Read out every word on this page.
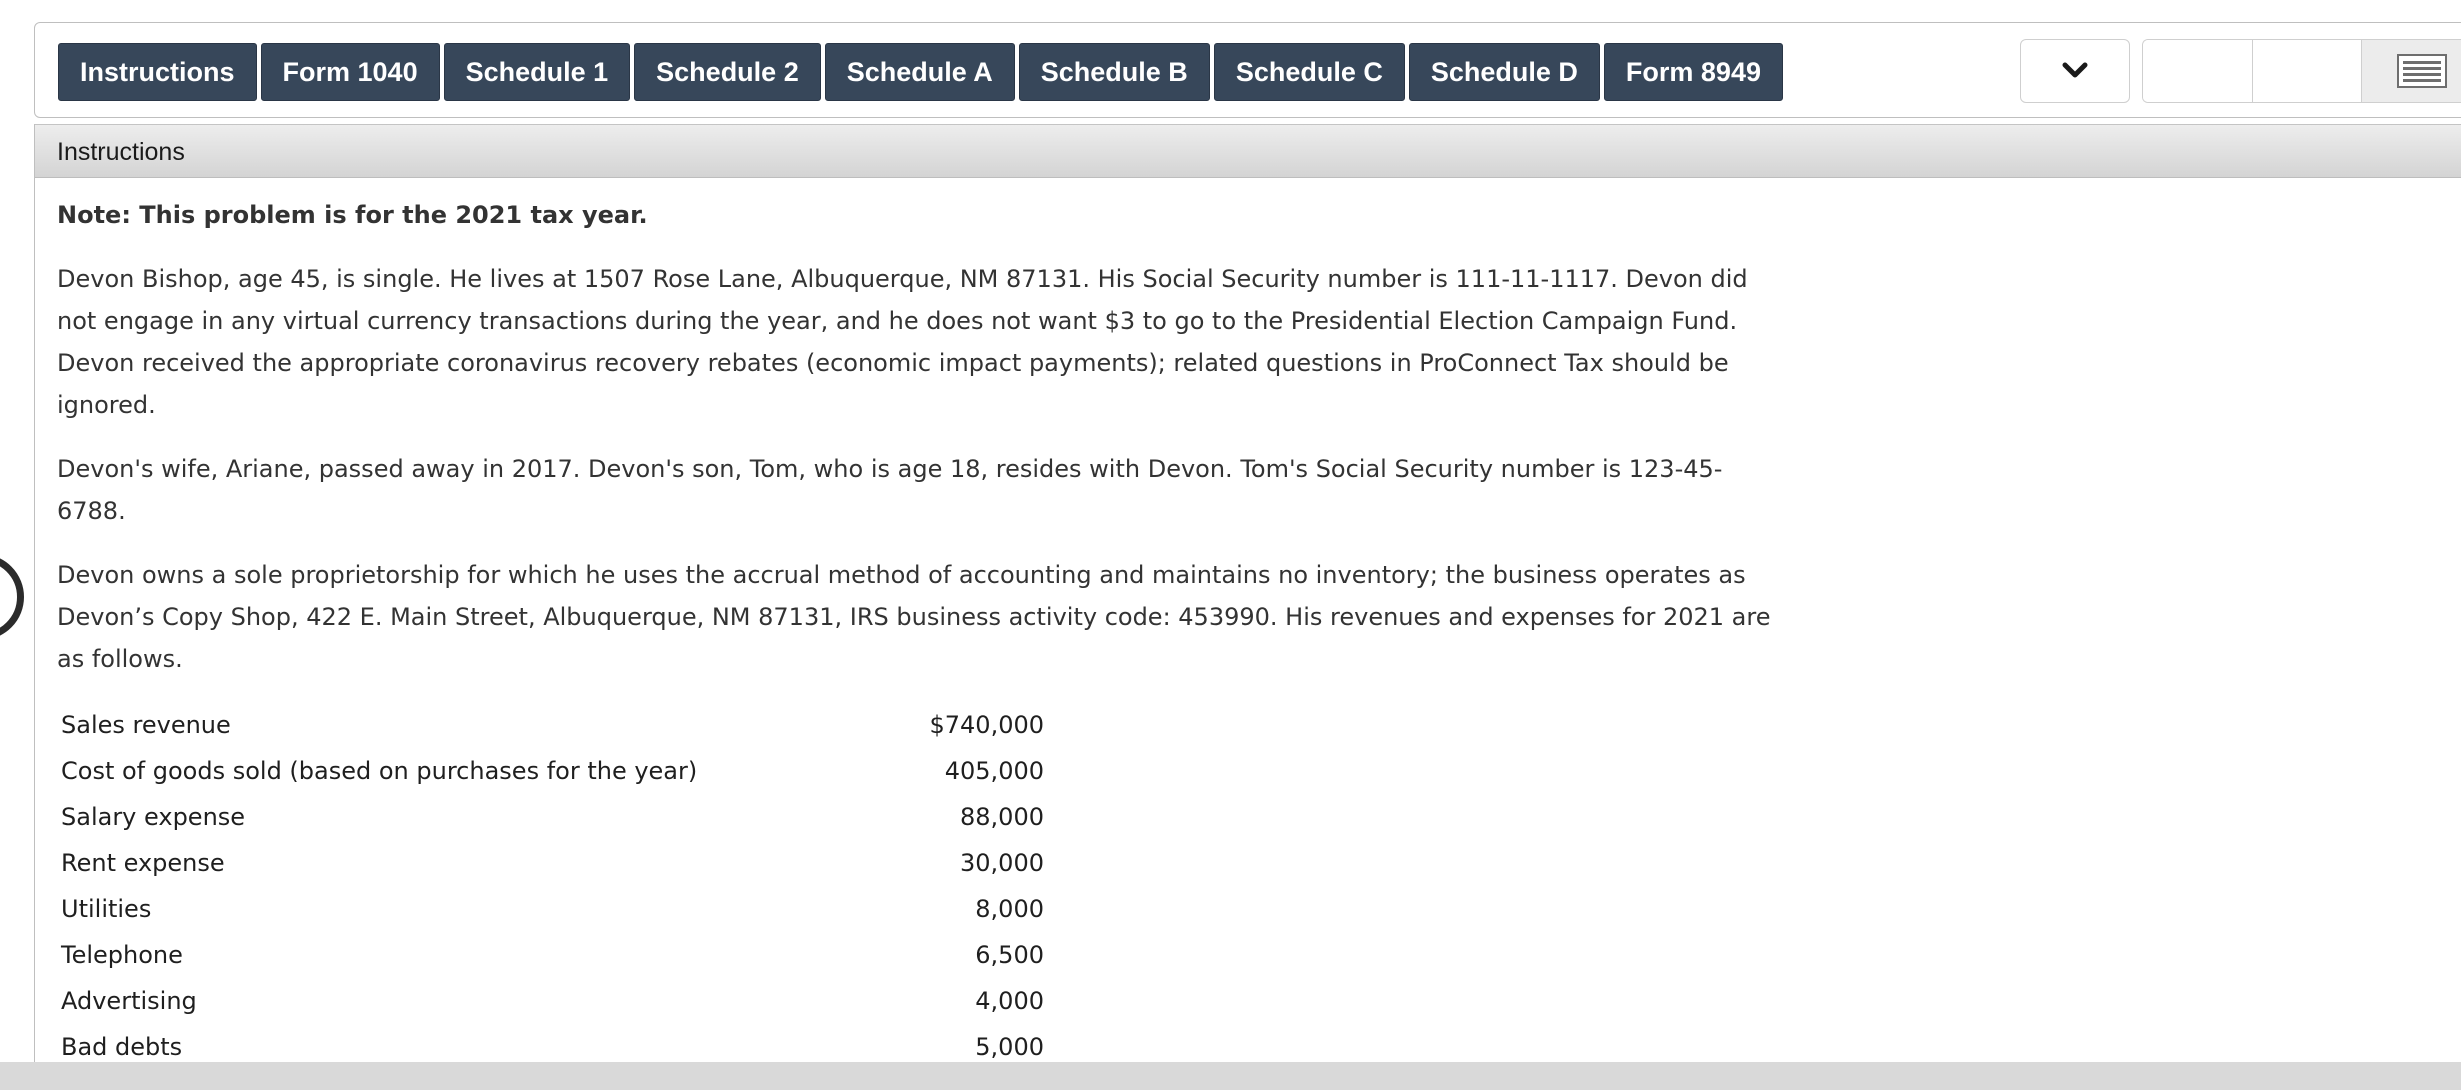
Instructions	Form 1040	Schedule 1	Schedule 2	Schedule A	Schedule B	Schedule C	Schedule D	Form 8949
Instructions

Note: This problem is for the 2021 tax year.

Devon Bishop, age 45, is single. He lives at 1507 Rose Lane, Albuquerque, NM 87131. His Social Security number is 111-11-1117. Devon did not engage in any virtual currency transactions during the year, and he does not want $3 to go to the Presidential Election Campaign Fund. Devon received the appropriate coronavirus recovery rebates (economic impact payments); related questions in ProConnect Tax should be ignored.

Devon's wife, Ariane, passed away in 2017. Devon's son, Tom, who is age 18, resides with Devon. Tom's Social Security number is 123-45-6788.

Devon owns a sole proprietorship for which he uses the accrual method of accounting and maintains no inventory; the business operates as Devon’s Copy Shop, 422 E. Main Street, Albuquerque, NM 87131, IRS business activity code: 453990. His revenues and expenses for 2021 are as follows.

Sales revenue	$740,000
Cost of goods sold (based on purchases for the year)	405,000
Salary expense	88,000
Rent expense	30,000
Utilities	8,000
Telephone	6,500
Advertising	4,000
Bad debts	5,000
